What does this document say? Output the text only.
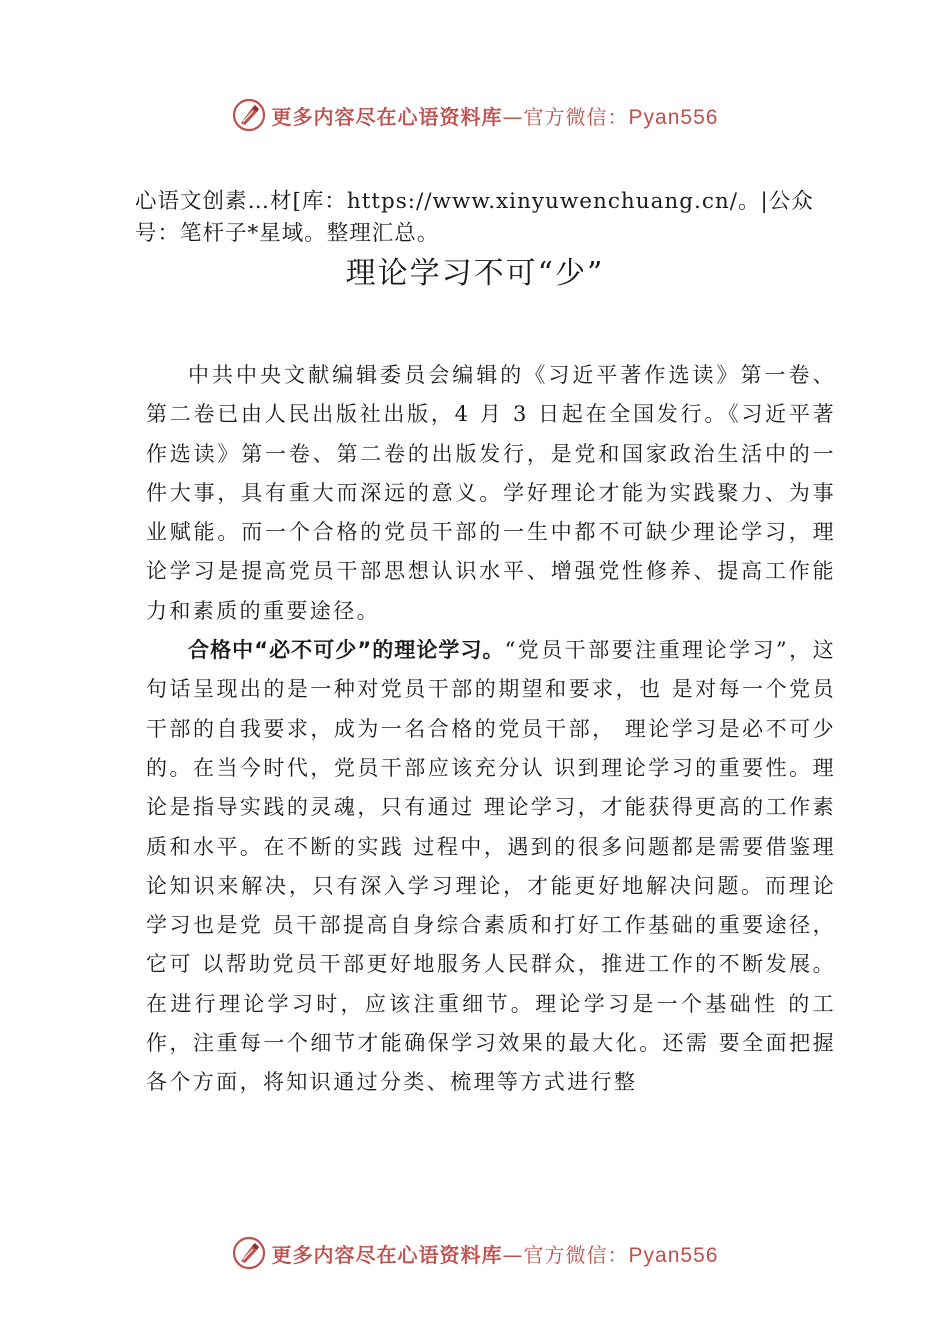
更多内容尽在心语资料库—官方微信：Pyan556
心语文创素…材[库：https://www.xinyuwenchuang.cn/。|公众号：笔杆子*星域。整理汇总。
理论学习不可“少”

中共中央文献编辑委员会编辑的《习近平著作选读》第一卷、第二卷已由人民出版社出版，4 月 3 日起在全国发行。《习近平著作选读》第一卷、第二卷的出版发行，是党和国家政治生活中的一件大事，具有重大而深远的意义。学好理论才能为实践聚力、为事业赋能。而一个合格的党员干部的一生中都不可缺少理论学习，理论学习是提高党员干部思想认识水平、增强党性修养、提高工作能力和素质的重要途径。

合格中“必不可少”的理论学习。“党员干部要注重理论学习”，这句话呈现出的是一种对党员干部的期望和要求，也 是对每一个党员干部的自我要求，成为一名合格的党员干部， 理论学习是必不可少的。在当今时代，党员干部应该充分认 识到理论学习的重要性。理论是指导实践的灵魂，只有通过 理论学习，才能获得更高的工作素质和水平。在不断的实践 过程中，遇到的很多问题都是需要借鉴理论知识来解决，只有深入学习理论，才能更好地解决问题。而理论学习也是党 员干部提高自身综合素质和打好工作基础的重要途径，它可 以帮助党员干部更好地服务人民群众，推进工作的不断发展。在进行理论学习时，应该注重细节。理论学习是一个基础性 的工作，注重每一个细节才能确保学习效果的最大化。还需 要全面把握各个方面，将知识通过分类、梳理等方式进行整

更多内容尽在心语资料库—官方微信：Pyan556
